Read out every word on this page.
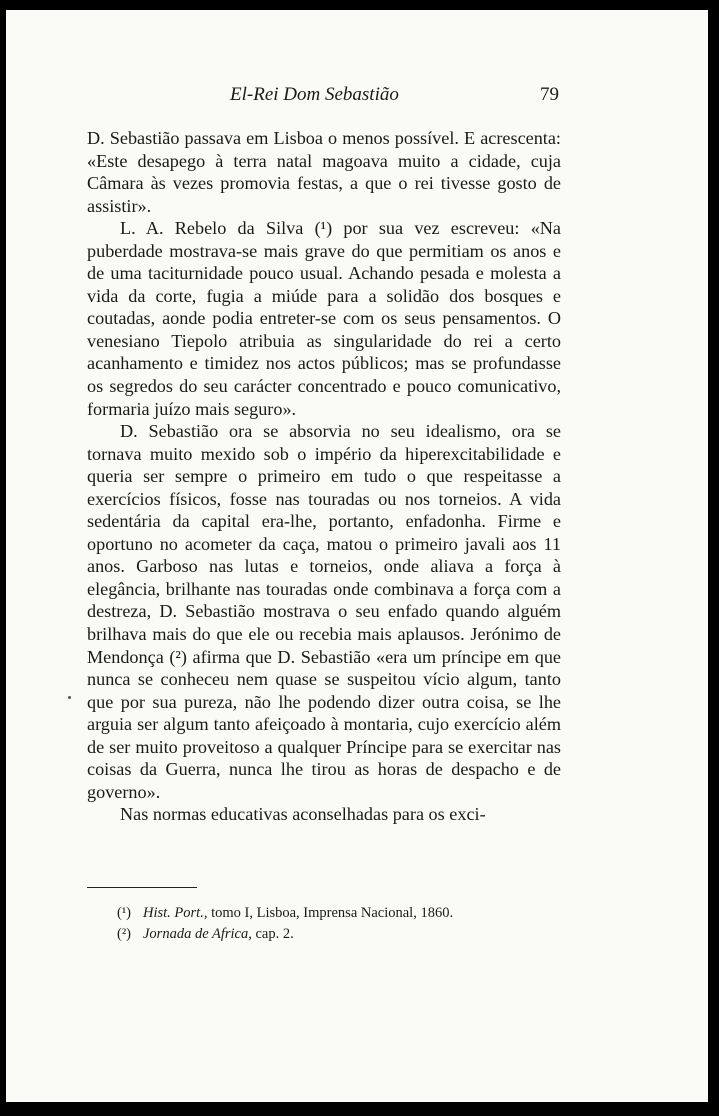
El-Rei Dom Sebastião	79

D. Sebastião passava em Lisboa o menos possível. E acrescenta: «Este desapego à terra natal magoava muito a cidade, cuja Câmara às vezes promovia festas, a que o rei tivesse gosto de assistir».

L. A. Rebelo da Silva (¹) por sua vez escreveu: «Na puberdade mostrava-se mais grave do que permitiam os anos e de uma taciturnidade pouco usual. Achando pesada e molesta a vida da corte, fugia a miúde para a solidão dos bosques e coutadas, aonde podia entreter-se com os seus pensamentos. O venesiano Tiepolo atribuia as singularidade do rei a certo acanhamento e timidez nos actos públicos; mas se profundasse os segredos do seu carácter concentrado e pouco comunicativo, formaria juízo mais seguro».

D. Sebastião ora se absorvia no seu idealismo, ora se tornava muito mexido sob o império da hiperexcitabilidade e queria ser sempre o primeiro em tudo o que respeitasse a exercícios físicos, fosse nas touradas ou nos torneios. A vida sedentária da capital era-lhe, portanto, enfadonha. Firme e oportuno no acometer da caça, matou o primeiro javali aos 11 anos. Garboso nas lutas e torneios, onde aliava a força à elegância, brilhante nas touradas onde combinava a força com a destreza, D. Sebastião mostrava o seu enfado quando alguém brilhava mais do que ele ou recebia mais aplausos. Jerónimo de Mendonça (²) afirma que D. Sebastião «era um príncipe em que nunca se conheceu nem quase se suspeitou vício algum, tanto que por sua pureza, não lhe podendo dizer outra coisa, se lhe arguia ser algum tanto afeiçoado à montaria, cujo exercício além de ser muito proveitoso a qualquer Príncipe para se exercitar nas coisas da Guerra, nunca lhe tirou as horas de despacho e de governo».

Nas normas educativas aconselhadas para os exci-

(¹) Hist. Port., tomo I, Lisboa, Imprensa Nacional, 1860.
(²) Jornada de Africa, cap. 2.
